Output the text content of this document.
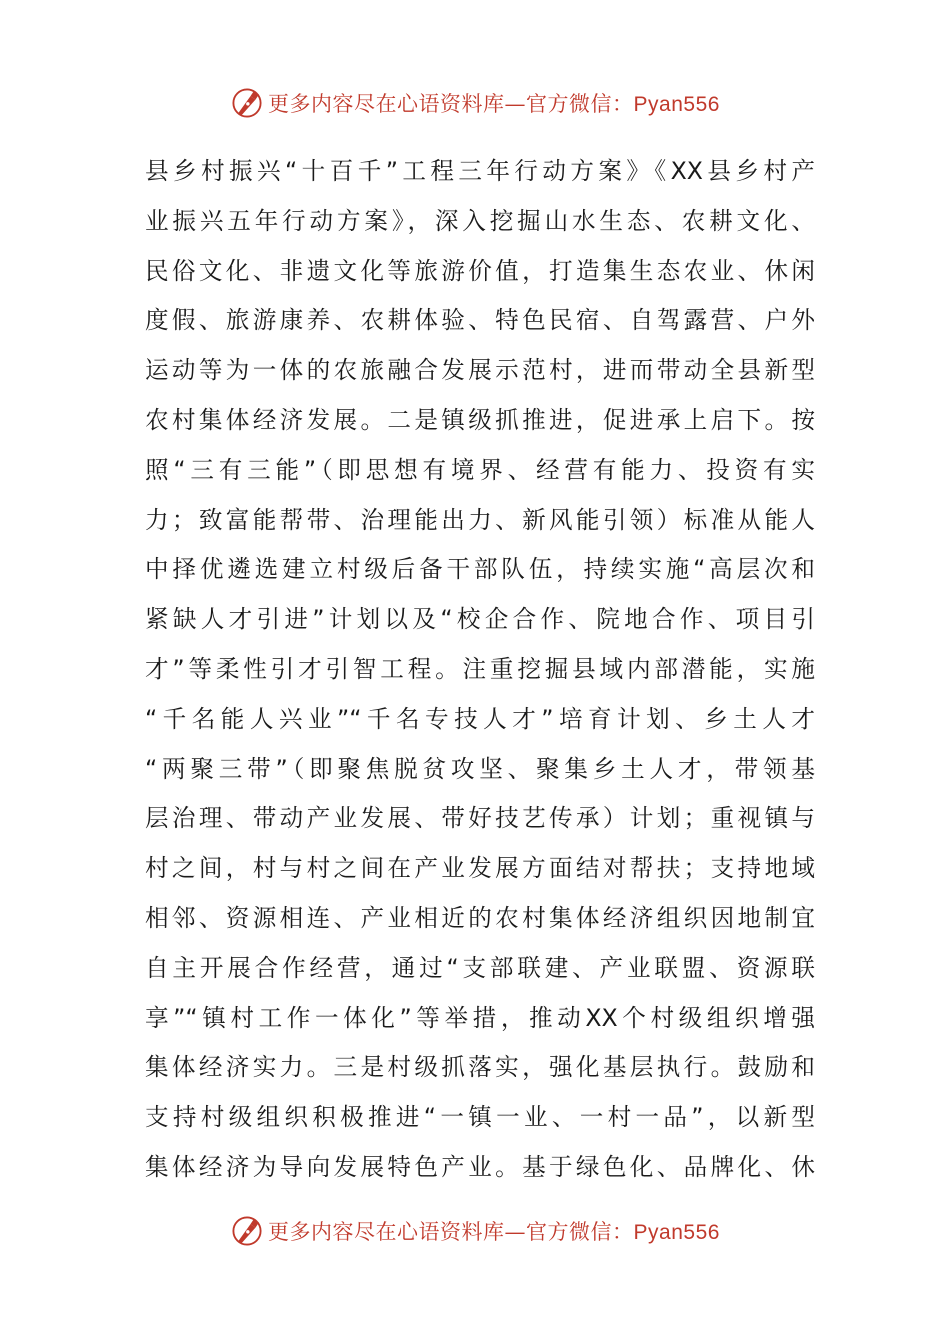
更多内容尽在心语资料库—官方微信：Pyan556
县乡村振兴“十百千”工程三年行动方案》《XX县乡村产
业振兴五年行动方案》，深入挖掘山水生态、农耕文化、
民俗文化、非遗文化等旅游价值，打造集生态农业、休闲
度假、旅游康养、农耕体验、特色民宿、自驾露营、户外
运动等为一体的农旅融合发展示范村，进而带动全县新型
农村集体经济发展。二是镇级抓推进，促进承上启下。按
照“三有三能”（即思想有境界、经营有能力、投资有实
力；致富能帮带、治理能出力、新风能引领）标准从能人
中择优遴选建立村级后备干部队伍，持续实施“高层次和
紧缺人才引进”计划以及“校企合作、院地合作、项目引
才”等柔性引才引智工程。注重挖掘县域内部潜能，实施
“千名能人兴业”“千名专技人才”培育计划、乡土人才
“两聚三带”（即聚焦脱贫攻坚、聚集乡土人才，带领基
层治理、带动产业发展、带好技艺传承）计划；重视镇与
村之间，村与村之间在产业发展方面结对帮扶；支持地域
相邻、资源相连、产业相近的农村集体经济组织因地制宜
自主开展合作经营，通过“支部联建、产业联盟、资源联
享”“镇村工作一体化”等举措，推动XX个村级组织增强
集体经济实力。三是村级抓落实，强化基层执行。鼓励和
支持村级组织积极推进“一镇一业、一村一品”，以新型
集体经济为导向发展特色产业。基于绿色化、品牌化、休
更多内容尽在心语资料库—官方微信：Pyan556
